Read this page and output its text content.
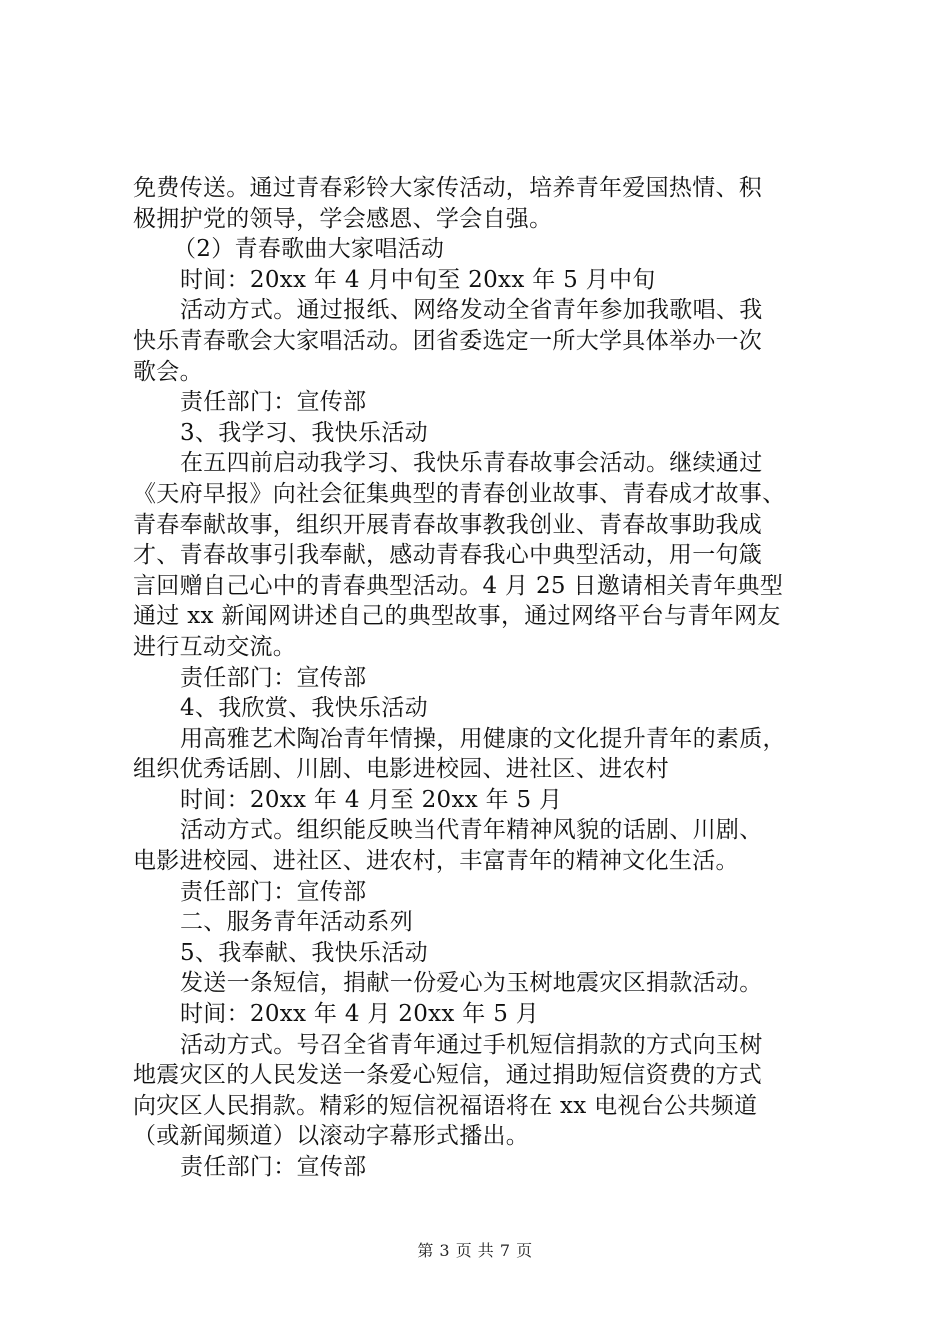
免费传送。通过青春彩铃大家传活动，培养青年爱国热情、积
极拥护党的领导，学会感恩、学会自强。
（2）青春歌曲大家唱活动
时间：20xx 年 4 月中旬至 20xx 年 5 月中旬
活动方式。通过报纸、网络发动全省青年参加我歌唱、我
快乐青春歌会大家唱活动。团省委选定一所大学具体举办一次
歌会。
责任部门：宣传部
3、我学习、我快乐活动
在五四前启动我学习、我快乐青春故事会活动。继续通过
《天府早报》向社会征集典型的青春创业故事、青春成才故事、
青春奉献故事，组织开展青春故事教我创业、青春故事助我成
才、青春故事引我奉献，感动青春我心中典型活动，用一句箴
言回赠自己心中的青春典型活动。4 月 25 日邀请相关青年典型
通过 xx 新闻网讲述自己的典型故事，通过网络平台与青年网友
进行互动交流。
责任部门：宣传部
4、我欣赏、我快乐活动
用高雅艺术陶冶青年情操，用健康的文化提升青年的素质，
组织优秀话剧、川剧、电影进校园、进社区、进农村
时间：20xx 年 4 月至 20xx 年 5 月
活动方式。组织能反映当代青年精神风貌的话剧、川剧、
电影进校园、进社区、进农村，丰富青年的精神文化生活。
责任部门：宣传部
二、服务青年活动系列
5、我奉献、我快乐活动
发送一条短信，捐献一份爱心为玉树地震灾区捐款活动。
时间：20xx 年 4 月 20xx 年 5 月
活动方式。号召全省青年通过手机短信捐款的方式向玉树
地震灾区的人民发送一条爱心短信，通过捐助短信资费的方式
向灾区人民捐款。精彩的短信祝福语将在 xx 电视台公共频道
（或新闻频道）以滚动字幕形式播出。
责任部门：宣传部
第 3 页 共 7 页
